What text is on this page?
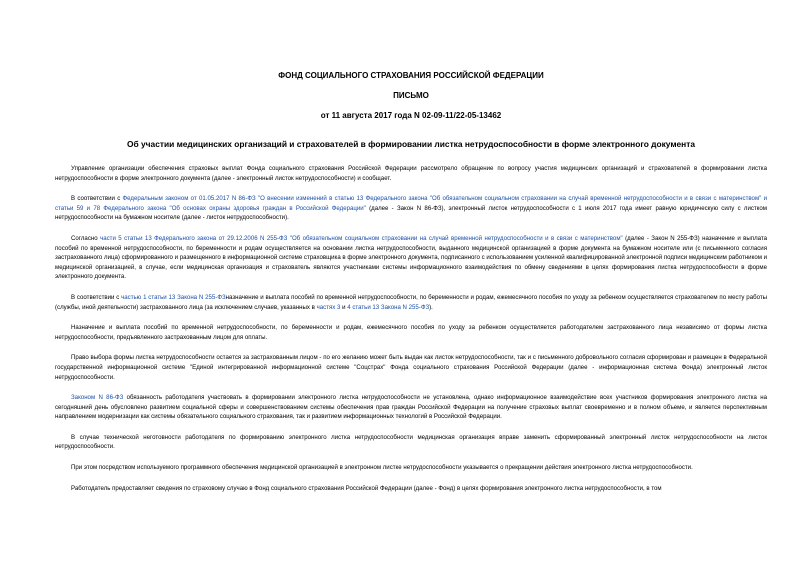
ФОНД СОЦИАЛЬНОГО СТРАХОВАНИЯ РОССИЙСКОЙ ФЕДЕРАЦИИ
ПИСЬМО
от 11 августа 2017 года N 02-09-11/22-05-13462
Об участии медицинских организаций и страхователей в формировании листка нетрудоспособности в форме электронного документа

Управление организации обеспечения страховых выплат Фонда социального страхования Российской Федерации рассмотрело обращение по вопросу участия медицинских организаций и страхователей в формировании листка нетрудоспособности в форме электронного документа (далее - электронный листок нетрудоспособности) и сообщает.

В соответствии с Федеральным законом от 01.05.2017 N 86-ФЗ "О внесении изменений в статью 13 Федерального закона "Об обязательном социальном страховании на случай временной нетрудоспособности и в связи с материнством" и статьи 59 и 78 Федерального закона "Об основах охраны здоровья граждан в Российской Федерации" (далее - Закон N 86-ФЗ), электронный листок нетрудоспособности с 1 июля 2017 года имеет равную юридическую силу с листком нетрудоспособности на бумажном носителе (далее - листок нетрудоспособности).

Согласно части 5 статьи 13 Федерального закона от 29.12.2006 N 255-ФЗ "Об обязательном социальном страховании на случай временной нетрудоспособности и в связи с материнством" (далее - Закон N 255-ФЗ) назначение и выплата пособий по временной нетрудоспособности, по беременности и родам осуществляется на основании листка нетрудоспособности, выданного медицинской организацией в форме документа на бумажном носителе или (с письменного согласия застрахованного лица) сформированного и размещенного в информационной системе страховщика в форме электронного документа, подписанного с использованием усиленной квалифицированной электронной подписи медицинским работником и медицинской организацией, в случае, если медицинская организация и страхователь являются участниками системы информационного взаимодействия по обмену сведениями в целях формирования листка нетрудоспособности в форме электронного документа.

В соответствии с частью 1 статьи 13 Закона N 255-ФЗназначение и выплата пособий по временной нетрудоспособности, по беременности и родам, ежемесячного пособия по уходу за ребенком осуществляется страхователем по месту работы (службы, иной деятельности) застрахованного лица (за исключением случаев, указанных в частях 3 и 4 статьи 13 Закона N 255-ФЗ).

Назначение и выплата пособий по временной нетрудоспособности, по беременности и родам, ежемесячного пособия по уходу за ребенком осуществляется работодателем застрахованного лица независимо от формы листка нетрудоспособности, предъявленного застрахованным лицом для оплаты.

Право выбора формы листка нетрудоспособности остается за застрахованным лицом - по его желанию может быть выдан как листок нетрудоспособности, так и с письменного добровольного согласия сформирован и размещен в Федеральной государственной информационной системе "Единой интегрированной информационной системе "Соцстрах" Фонда социального страхования Российской Федерации (далее - информационная система Фонда) электронный листок нетрудоспособности.

Законом N 86-ФЗ обязанность работодателя участвовать в формировании электронного листка нетрудоспособности не установлена, однако информационное взаимодействие всех участников формирования электронного листка на сегодняшний день обусловлено развитием социальной сферы и совершенствованием системы обеспечения прав граждан Российской Федерации на получение страховых выплат своевременно и в полном объеме, и является перспективным направлением модернизации как системы обязательного социального страхования, так и развитием информационных технологий в Российской Федерации.

В случае технической неготовности работодателя по формированию электронного листка нетрудоспособности медицинская организация вправе заменить сформированный электронный листок нетрудоспособности на листок нетрудоспособности.

При этом посредством используемого программного обеспечения медицинской организацией в электронном листке нетрудоспособности указывается о прекращении действия электронного листка нетрудоспособности.

Работодатель предоставляет сведения по страховому случаю в Фонд социального страхования Российской Федерации (далее - Фонд) в целях формирования электронного листка нетрудоспособности, в том
